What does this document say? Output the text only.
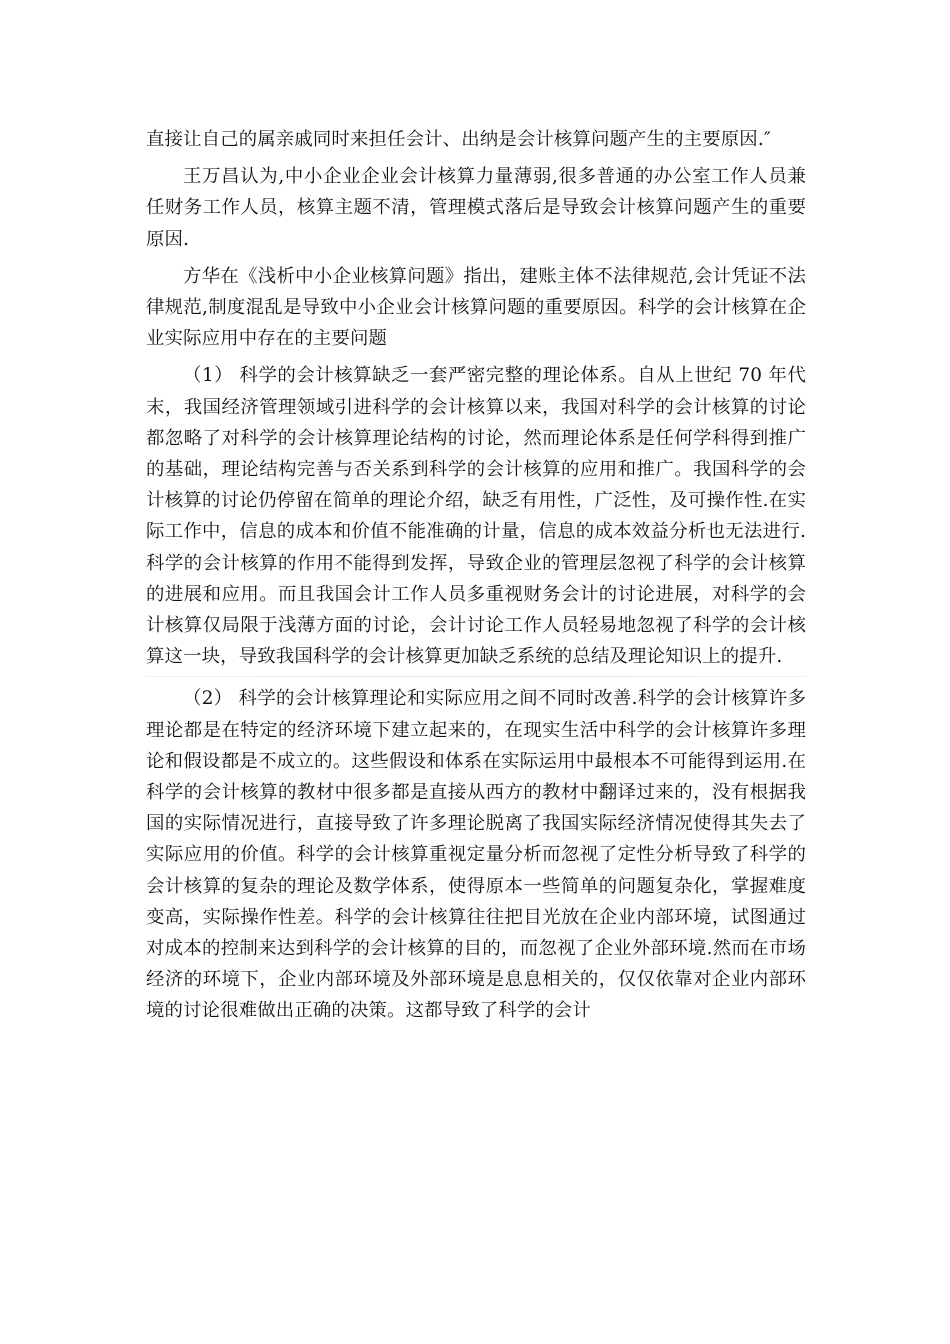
直接让自己的属亲戚同时来担任会计、出纳是会计核算问题产生的主要原因.″

王万昌认为,中小企业企业会计核算力量薄弱,很多普通的办公室工作人员兼任财务工作人员，核算主题不清，管理模式落后是导致会计核算问题产生的重要原因.

方华在《浅析中小企业核算问题》指出，建账主体不法律规范,会计凭证不法律规范,制度混乱是导致中小企业会计核算问题的重要原因。科学的会计核算在企业实际应用中存在的主要问题

（1） 科学的会计核算缺乏一套严密完整的理论体系。自从上世纪 70 年代末，我国经济管理领域引进科学的会计核算以来，我国对科学的会计核算的讨论都忽略了对科学的会计核算理论结构的讨论，然而理论体系是任何学科得到推广的基础，理论结构完善与否关系到科学的会计核算的应用和推广。我国科学的会计核算的讨论仍停留在简单的理论介绍，缺乏有用性，广泛性，及可操作性.在实际工作中，信息的成本和价值不能准确的计量，信息的成本效益分析也无法进行.科学的会计核算的作用不能得到发挥，导致企业的管理层忽视了科学的会计核算的进展和应用。而且我国会计工作人员多重视财务会计的讨论进展，对科学的会计核算仅局限于浅薄方面的讨论，会计讨论工作人员轻易地忽视了科学的会计核算这一块，导致我国科学的会计核算更加缺乏系统的总结及理论知识上的提升.

（2） 科学的会计核算理论和实际应用之间不同时改善.科学的会计核算许多理论都是在特定的经济环境下建立起来的，在现实生活中科学的会计核算许多理论和假设都是不成立的。这些假设和体系在实际运用中最根本不可能得到运用.在科学的会计核算的教材中很多都是直接从西方的教材中翻译过来的，没有根据我国的实际情况进行，直接导致了许多理论脱离了我国实际经济情况使得其失去了实际应用的价值。科学的会计核算重视定量分析而忽视了定性分析导致了科学的会计核算的复杂的理论及数学体系，使得原本一些简单的问题复杂化，掌握难度变高，实际操作性差。科学的会计核算往往把目光放在企业内部环境，试图通过对成本的控制来达到科学的会计核算的目的，而忽视了企业外部环境.然而在市场经济的环境下，企业内部环境及外部环境是息息相关的，仅仅依靠对企业内部环境的讨论很难做出正确的决策。这都导致了科学的会计
